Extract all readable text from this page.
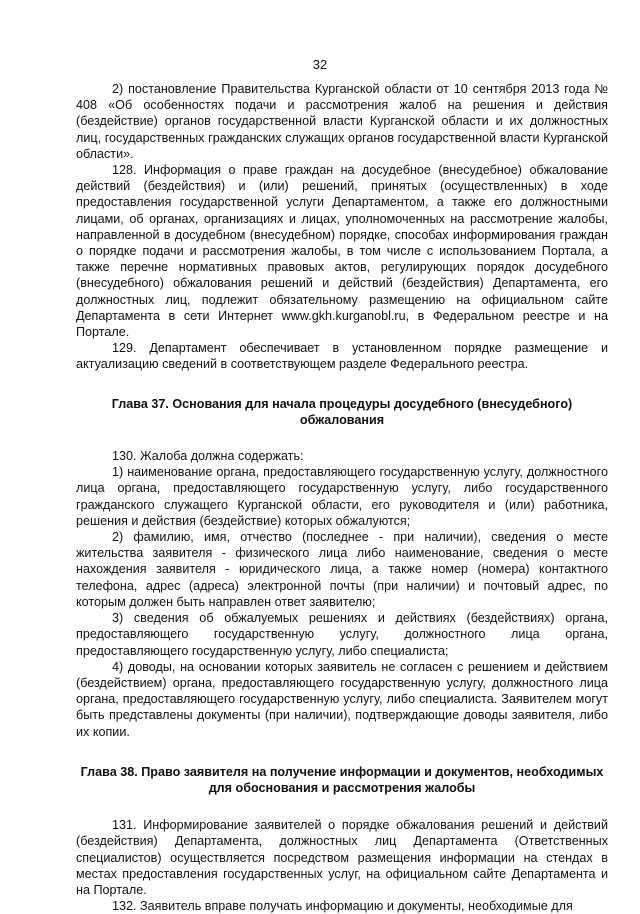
32

2) постановление Правительства Курганской области от 10 сентября 2013 года № 408 «Об особенностях подачи и рассмотрения жалоб на решения и действия (бездействие) органов государственной власти Курганской области и их должностных лиц, государственных гражданских служащих органов государственной власти Курганской области».

128. Информация о праве граждан на досудебное (внесудебное) обжалование действий (бездействия) и (или) решений, принятых (осуществленных) в ходе предоставления государственной услуги Департаментом, а также его должностными лицами, об органах, организациях и лицах, уполномоченных на рассмотрение жалобы, направленной в досудебном (внесудебном) порядке, способах информирования граждан о порядке подачи и рассмотрения жалобы, в том числе с использованием Портала, а также перечне нормативных правовых актов, регулирующих порядок досудебного (внесудебного) обжалования решений и действий (бездействия) Департамента, его должностных лиц, подлежит обязательному размещению на официальном сайте Департамента в сети Интернет www.gkh.kurganobl.ru, в Федеральном реестре и на Портале.

129. Департамент обеспечивает в установленном порядке размещение и актуализацию сведений в соответствующем разделе Федерального реестра.

Глава 37. Основания для начала процедуры досудебного (внесудебного) обжалования

130. Жалоба должна содержать:

1) наименование органа, предоставляющего государственную услугу, должностного лица органа, предоставляющего государственную услугу, либо государственного гражданского служащего Курганской области, его руководителя и (или) работника, решения и действия (бездействие) которых обжалуются;

2) фамилию, имя, отчество (последнее - при наличии), сведения о месте жительства заявителя - физического лица либо наименование, сведения о месте нахождения заявителя - юридического лица, а также номер (номера) контактного телефона, адрес (адреса) электронной почты (при наличии) и почтовый адрес, по которым должен быть направлен ответ заявителю;

3) сведения об обжалуемых решениях и действиях (бездействиях) органа, предоставляющего государственную услугу, должностного лица органа, предоставляющего государственную услугу, либо специалиста;

4) доводы, на основании которых заявитель не согласен с решением и действием (бездействием) органа, предоставляющего государственную услугу, должностного лица органа, предоставляющего государственную услугу, либо специалиста. Заявителем могут быть представлены документы (при наличии), подтверждающие доводы заявителя, либо их копии.

Глава 38. Право заявителя на получение информации и документов, необходимых для обоснования и рассмотрения жалобы

131. Информирование заявителей о порядке обжалования решений и действий (бездействия) Департамента, должностных лиц Департамента (Ответственных специалистов) осуществляется посредством размещения информации на стендах в местах предоставления государственных услуг, на официальном сайте Департамента и на Портале.

132. Заявитель вправе получать информацию и документы, необходимые для
